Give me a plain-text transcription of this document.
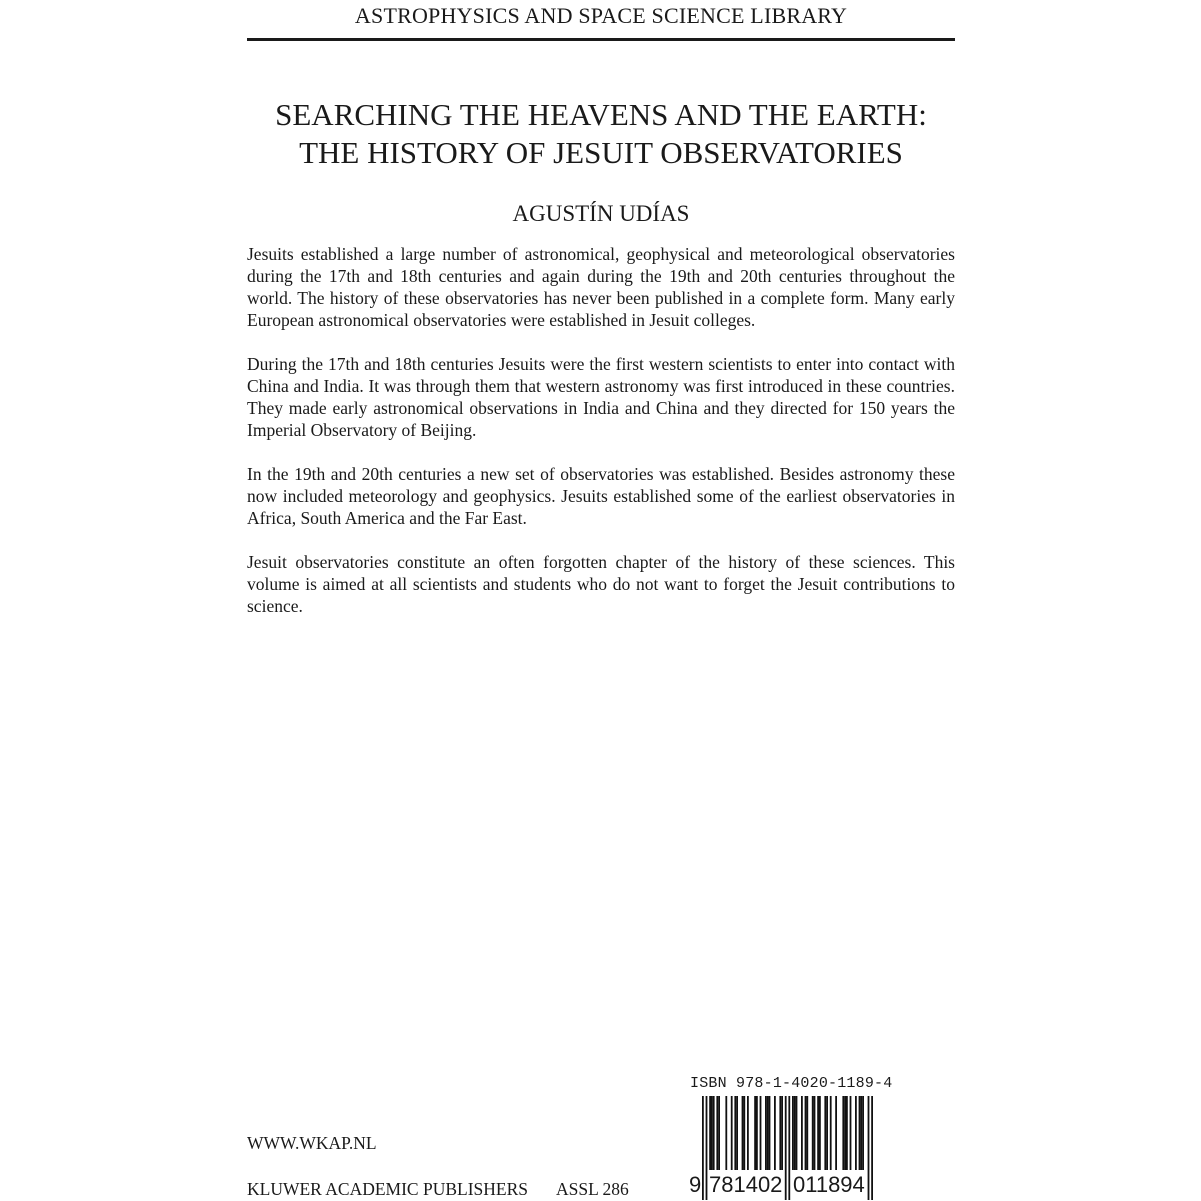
ASTROPHYSICS AND SPACE SCIENCE LIBRARY
SEARCHING THE HEAVENS AND THE EARTH:
THE HISTORY OF JESUIT OBSERVATORIES
AGUSTÍN UDÍAS

Jesuits established a large number of astronomical, geophysical and meteorological observatories during the 17th and 18th centuries and again during the 19th and 20th centuries throughout the world. The history of these observatories has never been published in a complete form. Many early European astronomical observatories were established in Jesuit colleges.

During the 17th and 18th centuries Jesuits were the first western scientists to enter into contact with China and India. It was through them that western astronomy was first introduced in these countries. They made early astronomical observations in India and China and they directed for 150 years the Imperial Observatory of Beijing.

In the 19th and 20th centuries a new set of observatories was established. Besides astronomy these now included meteorology and geophysics. Jesuits established some of the earliest observatories in Africa, South America and the Far East.

Jesuit observatories constitute an often forgotten chapter of the history of these sciences. This volume is aimed at all scientists and students who do not want to forget the Jesuit contributions to science.

WWW.WKAP.NL
KLUWER ACADEMIC PUBLISHERS ASSL 286
ISBN 978-1-4020-1189-4
9 781402 011894
